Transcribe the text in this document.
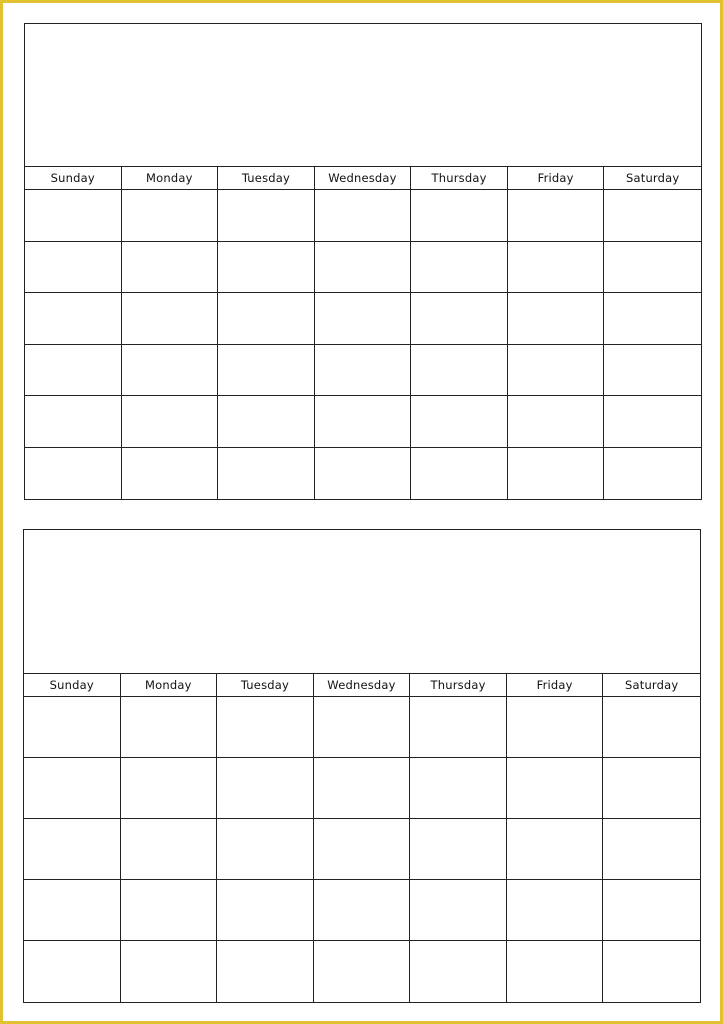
Sunday	Monday	Tuesday	Wednesday	Thursday	Friday	Saturday
Sunday	Monday	Tuesday	Wednesday	Thursday	Friday	Saturday
